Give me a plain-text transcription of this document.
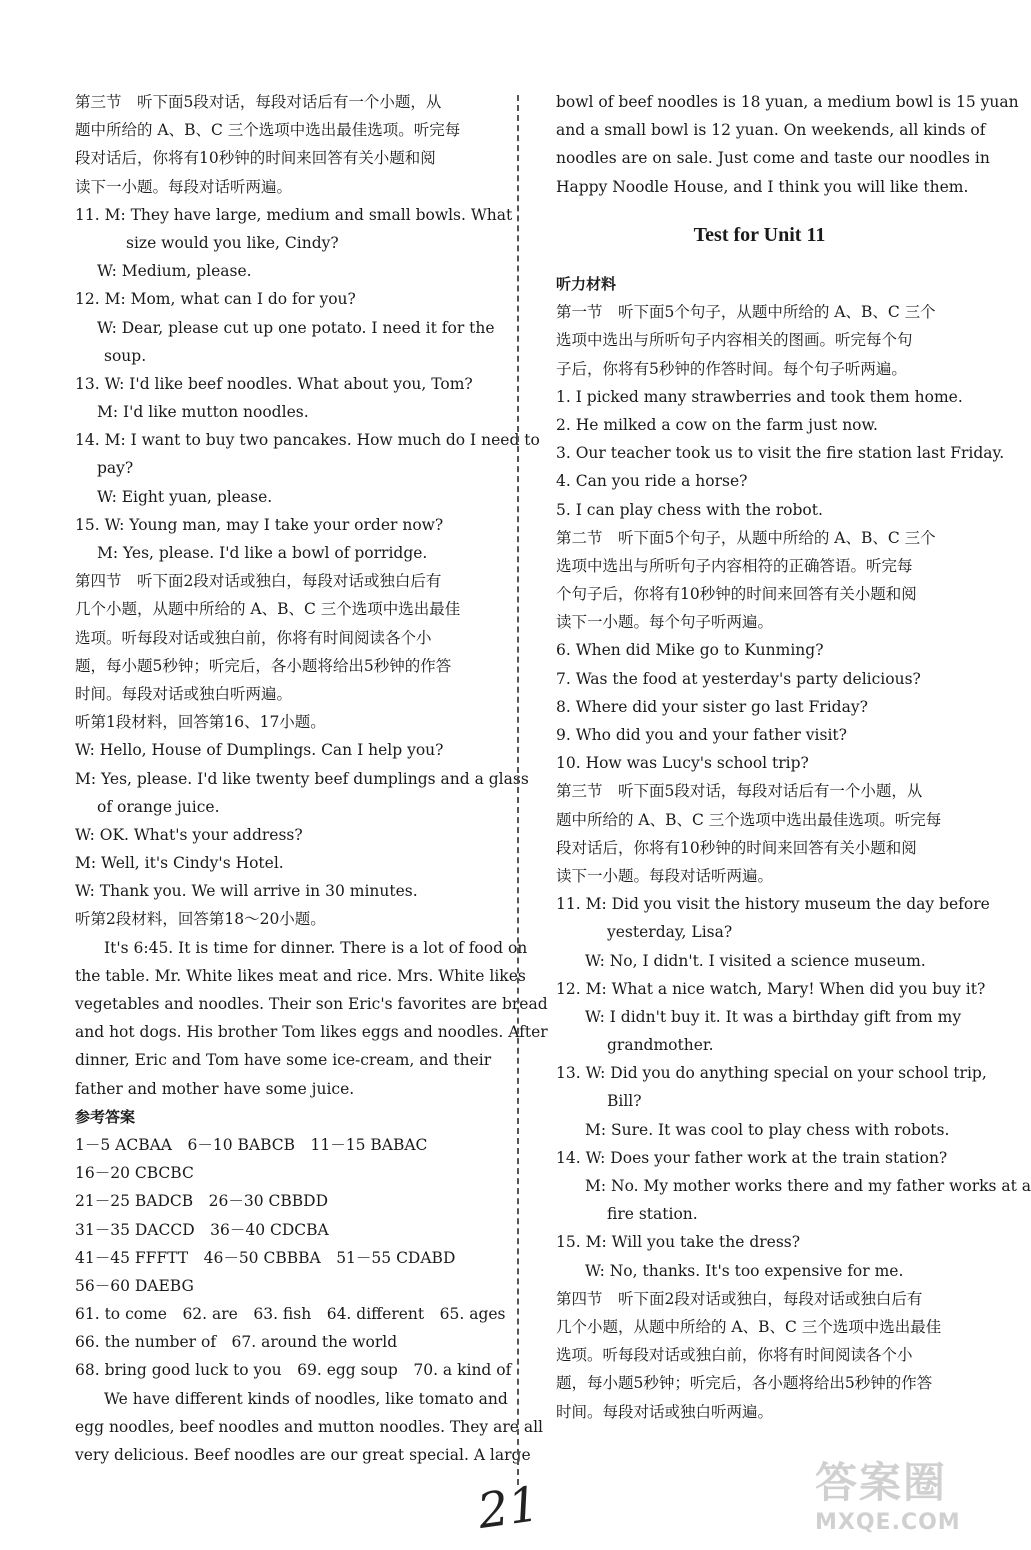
第三节　听下面5段对话，每段对话后有一个小题，从
题中所给的 A、B、C 三个选项中选出最佳选项。听完每
段对话后，你将有10秒钟的时间来回答有关小题和阅
读下一小题。每段对话听两遍。
11. M: They have large, medium and small bowls. What
size would you like, Cindy?
W: Medium, please.
12. M: Mom, what can I do for you?
W: Dear, please cut up one potato. I need it for the
soup.
13. W: I'd like beef noodles. What about you, Tom?
M: I'd like mutton noodles.
14. M: I want to buy two pancakes. How much do I need to
pay?
W: Eight yuan, please.
15. W: Young man, may I take your order now?
M: Yes, please. I'd like a bowl of porridge.
第四节　听下面2段对话或独白，每段对话或独白后有
几个小题，从题中所给的 A、B、C 三个选项中选出最佳
选项。听每段对话或独白前，你将有时间阅读各个小
题，每小题5秒钟；听完后，各小题将给出5秒钟的作答
时间。每段对话或独白听两遍。
听第1段材料，回答第16、17小题。
W: Hello, House of Dumplings. Can I help you?
M: Yes, please. I'd like twenty beef dumplings and a glass
of orange juice.
W: OK. What's your address?
M: Well, it's Cindy's Hotel.
W: Thank you. We will arrive in 30 minutes.
听第2段材料，回答第18～20小题。
It's 6:45. It is time for dinner. There is a lot of food on
the table. Mr. White likes meat and rice. Mrs. White likes
vegetables and noodles. Their son Eric's favorites are bread
and hot dogs. His brother Tom likes eggs and noodles. After
dinner, Eric and Tom have some ice-cream, and their
father and mother have some juice.
参考答案
1－5 ACBAA　6－10 BABCB　11－15 BABAC
16－20 CBCBC
21－25 BADCB　26－30 CBBDD
31－35 DACCD　36－40 CDCBA
41－45 FFFTT　46－50 CBBBA　51－55 CDABD
56－60 DAEBG
61. to come　62. are　63. fish　64. different　65. ages
66. the number of　67. around the world
68. bring good luck to you　69. egg soup　70. a kind of
We have different kinds of noodles, like tomato and
egg noodles, beef noodles and mutton noodles. They are all
very delicious. Beef noodles are our great special. A large
bowl of beef noodles is 18 yuan, a medium bowl is 15 yuan
and a small bowl is 12 yuan. On weekends, all kinds of
noodles are on sale. Just come and taste our noodles in
Happy Noodle House, and I think you will like them.
Test for Unit 11
听力材料
第一节　听下面5个句子，从题中所给的 A、B、C 三个
选项中选出与所听句子内容相关的图画。听完每个句
子后，你将有5秒钟的作答时间。每个句子听两遍。
1. I picked many strawberries and took them home.
2. He milked a cow on the farm just now.
3. Our teacher took us to visit the fire station last Friday.
4. Can you ride a horse?
5. I can play chess with the robot.
第二节　听下面5个句子，从题中所给的 A、B、C 三个
选项中选出与所听句子内容相符的正确答语。听完每
个句子后，你将有10秒钟的时间来回答有关小题和阅
读下一小题。每个句子听两遍。
6. When did Mike go to Kunming?
7. Was the food at yesterday's party delicious?
8. Where did your sister go last Friday?
9. Who did you and your father visit?
10. How was Lucy's school trip?
第三节　听下面5段对话，每段对话后有一个小题，从
题中所给的 A、B、C 三个选项中选出最佳选项。听完每
段对话后，你将有10秒钟的时间来回答有关小题和阅
读下一小题。每段对话听两遍。
11. M: Did you visit the history museum the day before
yesterday, Lisa?
W: No, I didn't. I visited a science museum.
12. M: What a nice watch, Mary! When did you buy it?
W: I didn't buy it. It was a birthday gift from my
grandmother.
13. W: Did you do anything special on your school trip,
Bill?
M: Sure. It was cool to play chess with robots.
14. W: Does your father work at the train station?
M: No. My mother works there and my father works at a
fire station.
15. M: Will you take the dress?
W: No, thanks. It's too expensive for me.
第四节　听下面2段对话或独白，每段对话或独白后有
几个小题，从题中所给的 A、B、C 三个选项中选出最佳
选项。听每段对话或独白前，你将有时间阅读各个小
题，每小题5秒钟；听完后，各小题将给出5秒钟的作答
时间。每段对话或独白听两遍。
21	答案圈
MXQE.COM
